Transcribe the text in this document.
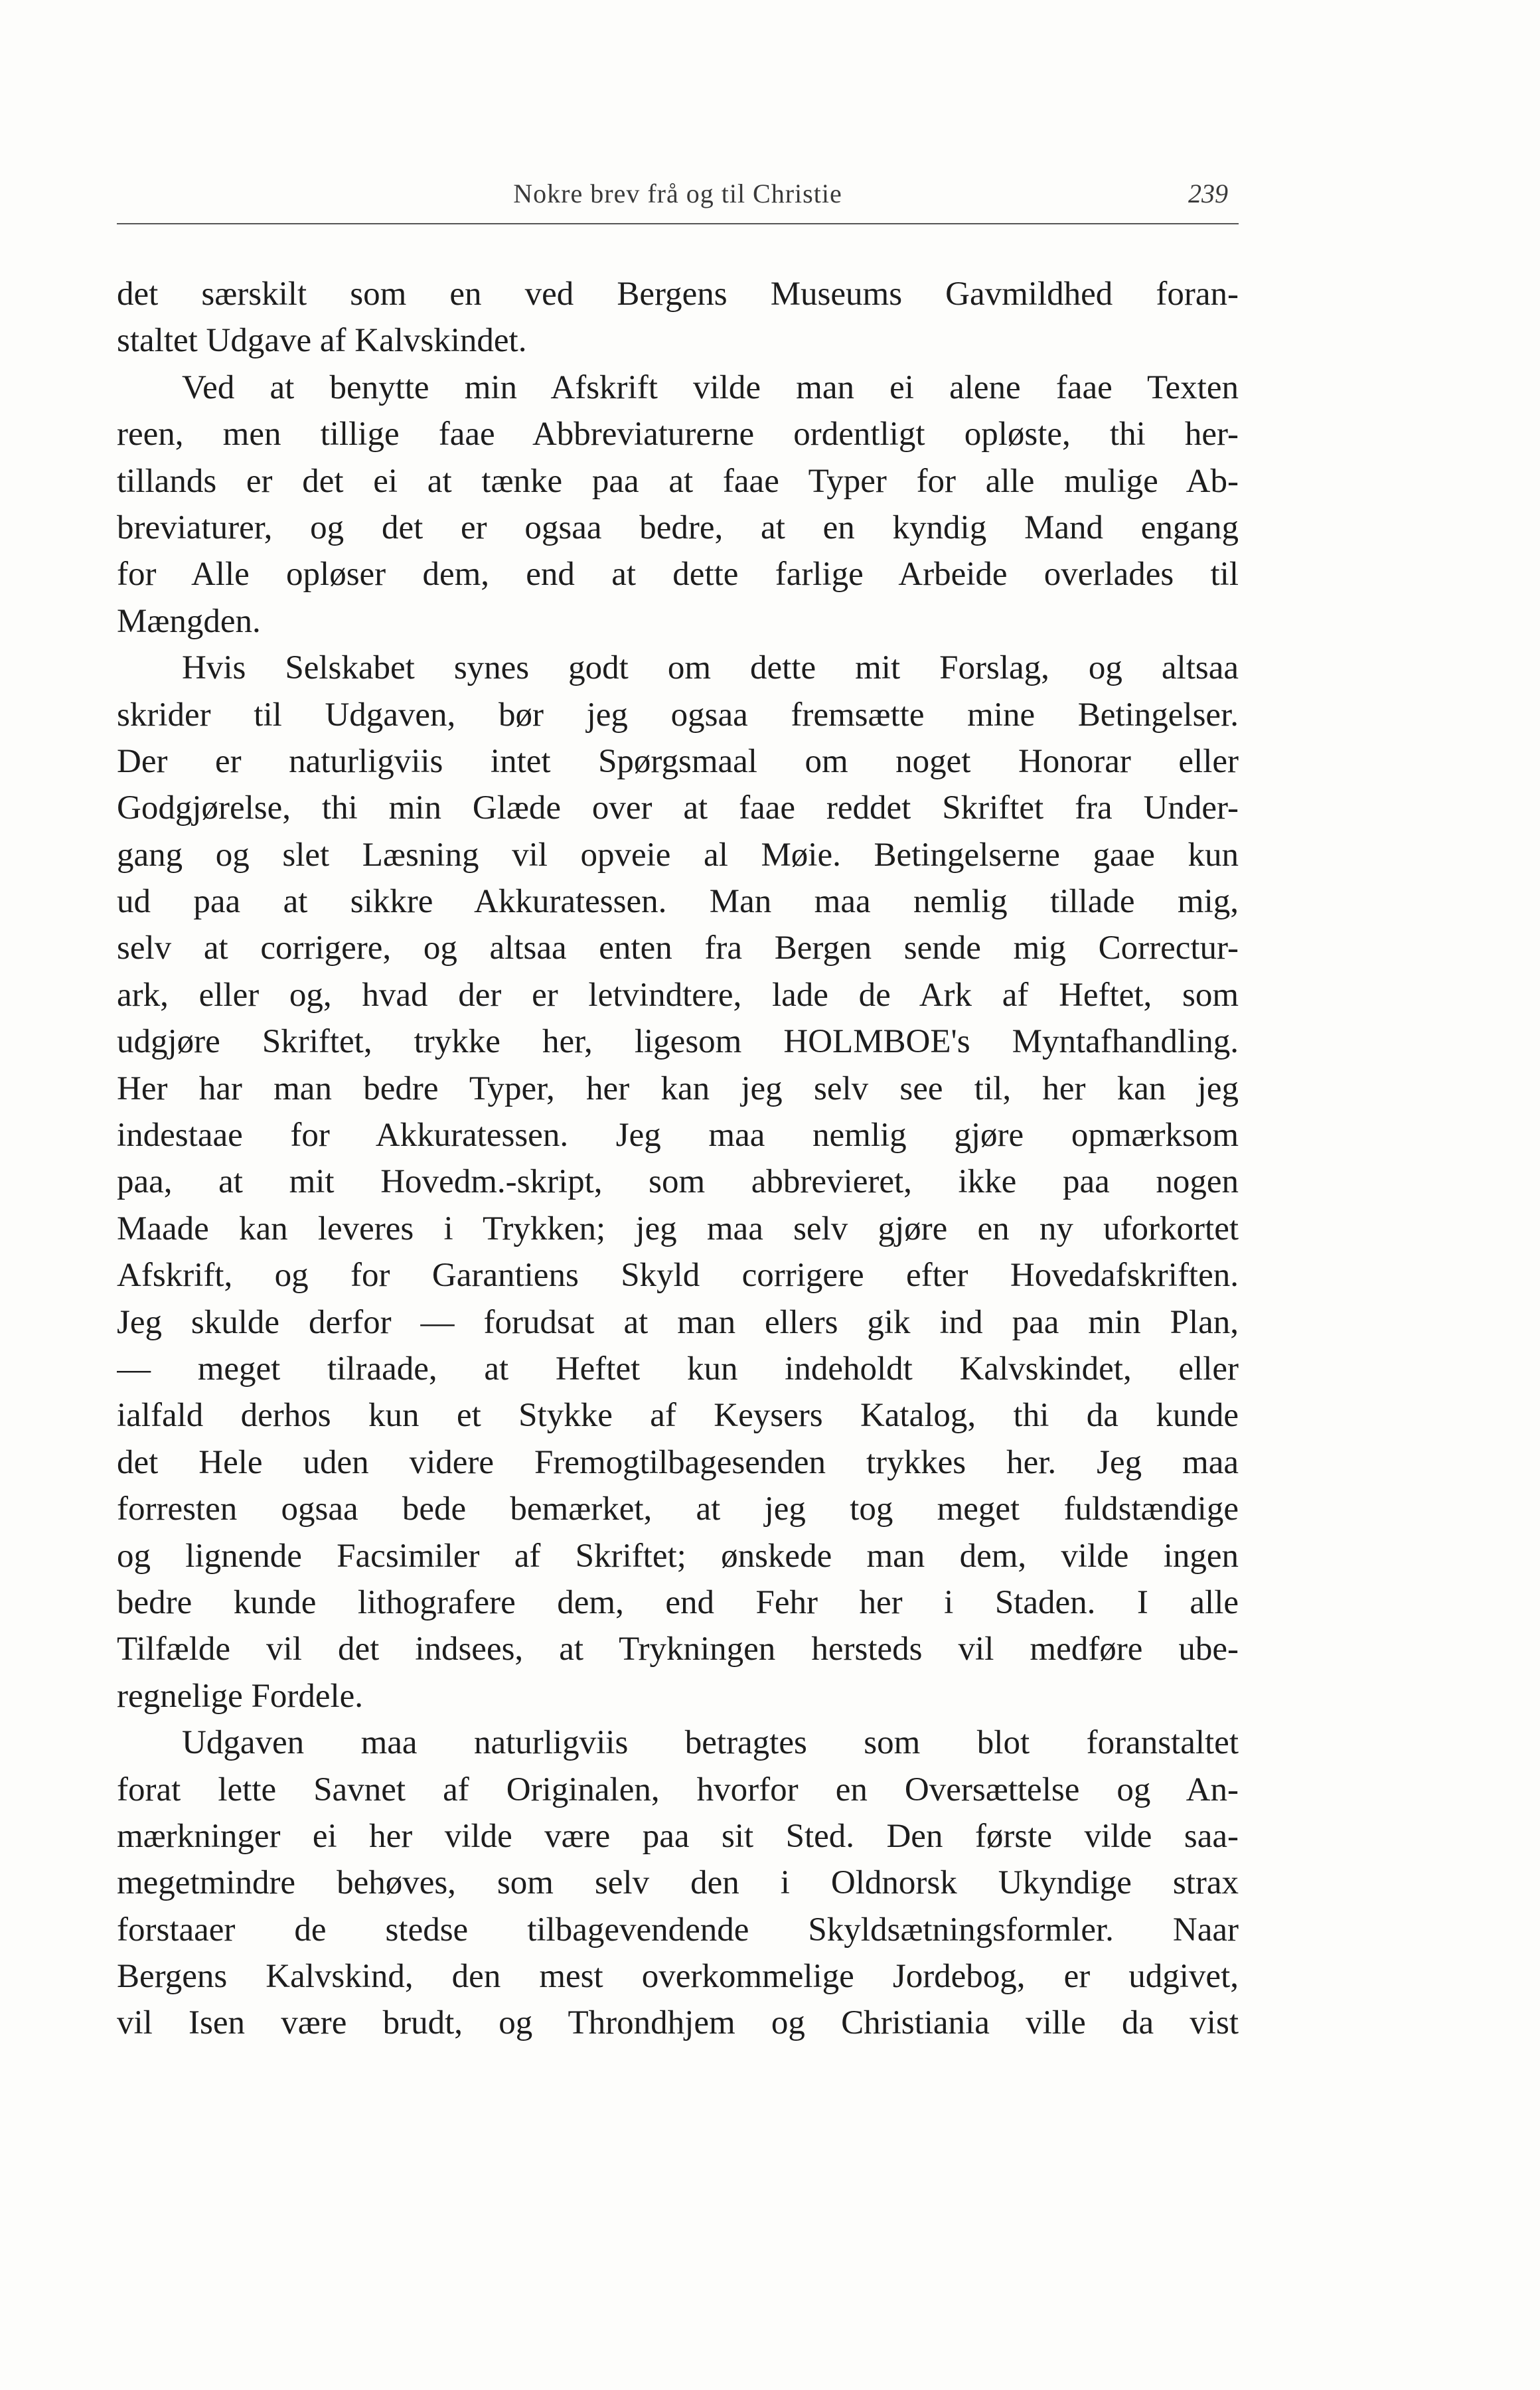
Nokre brev frå og til Christie	239
det særskilt som en ved Bergens Museums Gavmildhed foran-
staltet Udgave af Kalvskindet.
Ved at benytte min Afskrift vilde man ei alene faae Texten
reen, men tillige faae Abbreviaturerne ordentligt opløste, thi her-
tillands er det ei at tænke paa at faae Typer for alle mulige Ab-
breviaturer, og det er ogsaa bedre, at en kyndig Mand engang
for Alle opløser dem, end at dette farlige Arbeide overlades til
Mængden.
Hvis Selskabet synes godt om dette mit Forslag, og altsaa
skrider til Udgaven, bør jeg ogsaa fremsætte mine Betingelser.
Der er naturligviis intet Spørgsmaal om noget Honorar eller
Godgjørelse, thi min Glæde over at faae reddet Skriftet fra Under-
gang og slet Læsning vil opveie al Møie. Betingelserne gaae kun
ud paa at sikkre Akkuratessen. Man maa nemlig tillade mig,
selv at corrigere, og altsaa enten fra Bergen sende mig Correctur-
ark, eller og, hvad der er letvindtere, lade de Ark af Heftet, som
udgjøre Skriftet, trykke her, ligesom HOLMBOE's Myntafhandling.
Her har man bedre Typer, her kan jeg selv see til, her kan jeg
indestaae for Akkuratessen. Jeg maa nemlig gjøre opmærksom
paa, at mit Hovedm.-skript, som abbrevieret, ikke paa nogen
Maade kan leveres i Trykken; jeg maa selv gjøre en ny uforkortet
Afskrift, og for Garantiens Skyld corrigere efter Hovedafskriften.
Jeg skulde derfor — forudsat at man ellers gik ind paa min Plan,
— meget tilraade, at Heftet kun indeholdt Kalvskindet, eller
ialfald derhos kun et Stykke af Keysers Katalog, thi da kunde
det Hele uden videre Fremogtilbagesenden trykkes her. Jeg maa
forresten ogsaa bede bemærket, at jeg tog meget fuldstændige
og lignende Facsimiler af Skriftet; ønskede man dem, vilde ingen
bedre kunde lithografere dem, end Fehr her i Staden. I alle
Tilfælde vil det indsees, at Trykningen hersteds vil medføre ube-
regnelige Fordele.
Udgaven maa naturligviis betragtes som blot foranstaltet
forat lette Savnet af Originalen, hvorfor en Oversættelse og An-
mærkninger ei her vilde være paa sit Sted. Den første vilde saa-
megetmindre behøves, som selv den i Oldnorsk Ukyndige strax
forstaaer de stedse tilbagevendende Skyldsætningsformler. Naar
Bergens Kalvskind, den mest overkommelige Jordebog, er udgivet,
vil Isen være brudt, og Throndhjem og Christiania ville da vist
